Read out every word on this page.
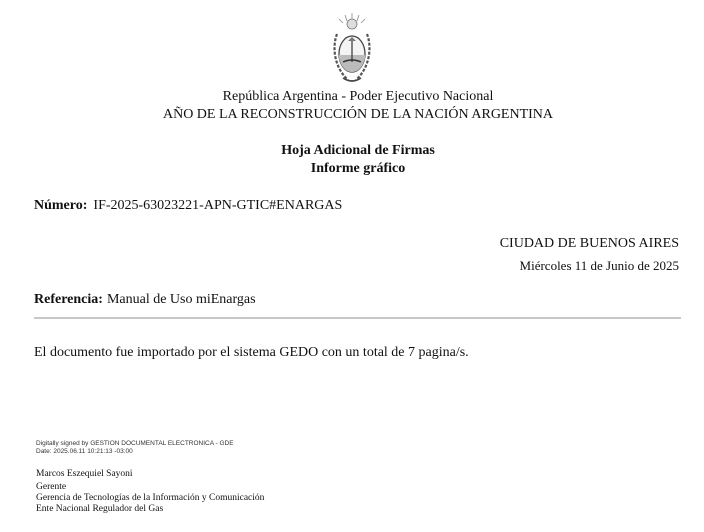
República Argentina - Poder Ejecutivo Nacional
AÑO DE LA RECONSTRUCCIÓN DE LA NACIÓN ARGENTINA
Hoja Adicional de Firmas
Informe gráfico
Número: IF-2025-63023221-APN-GTIC#ENARGAS
CIUDAD DE BUENOS AIRES
Miércoles 11 de Junio de 2025
Referencia: Manual de Uso miEnargas
El documento fue importado por el sistema GEDO con un total de 7 pagina/s.
Digitally signed by GESTION DOCUMENTAL ELECTRONICA - GDE
Date: 2025.06.11 10:21:13 -03:00
Marcos Eszequiel Sayoni
Gerente
Gerencia de Tecnologías de la Información y Comunicación
Ente Nacional Regulador del Gas
